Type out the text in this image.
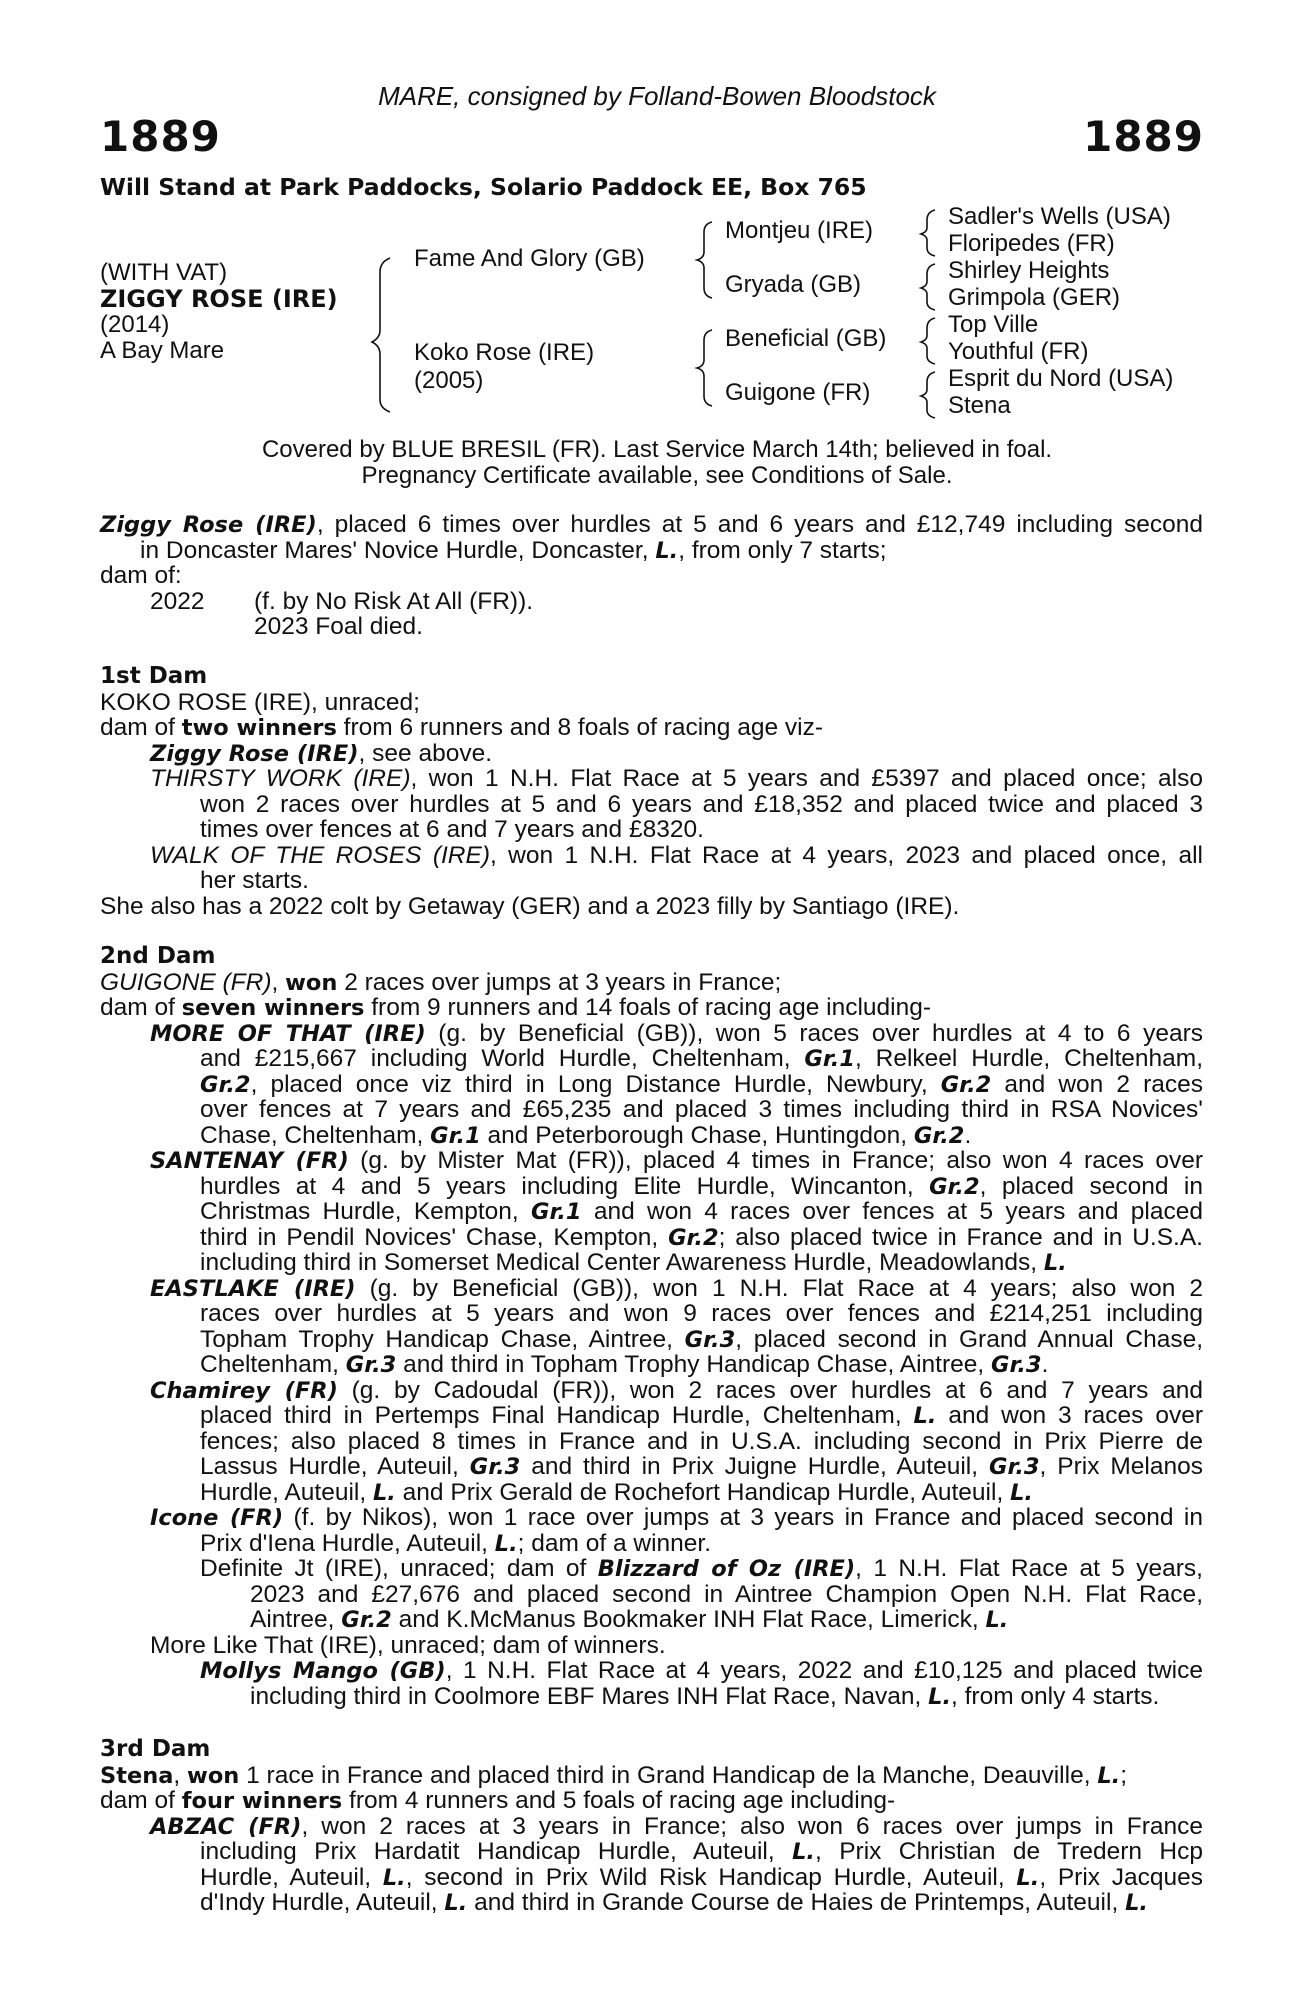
MARE, consigned by Folland-Bowen Bloodstock
1889	1889
Will Stand at Park Paddocks, Solario Paddock EE, Box 765
(WITH VAT)
ZIGGY ROSE (IRE)
(2014)
A Bay Mare
Fame And Glory (GB)
Koko Rose (IRE)
(2005)
Montjeu (IRE)
Gryada (GB)
Beneficial (GB)
Guigone (FR)
Sadler's Wells (USA)
Floripedes (FR)
Shirley Heights
Grimpola (GER)
Top Ville
Youthful (FR)
Esprit du Nord (USA)
Stena
Covered by BLUE BRESIL (FR). Last Service March 14th; believed in foal.
Pregnancy Certificate available, see Conditions of Sale.
Ziggy Rose (IRE), placed 6 times over hurdles at 5 and 6 years and £12,749 including second
in Doncaster Mares' Novice Hurdle, Doncaster, L., from only 7 starts;
dam of:
2022 (f. by No Risk At All (FR)).
2023 Foal died.
1st Dam
KOKO ROSE (IRE), unraced;
dam of two winners from 6 runners and 8 foals of racing age viz-
Ziggy Rose (IRE), see above.
THIRSTY WORK (IRE), won 1 N.H. Flat Race at 5 years and £5397 and placed once; also
won 2 races over hurdles at 5 and 6 years and £18,352 and placed twice and placed 3
times over fences at 6 and 7 years and £8320.
WALK OF THE ROSES (IRE), won 1 N.H. Flat Race at 4 years, 2023 and placed once, all
her starts.
She also has a 2022 colt by Getaway (GER) and a 2023 filly by Santiago (IRE).
2nd Dam
GUIGONE (FR), won 2 races over jumps at 3 years in France;
dam of seven winners from 9 runners and 14 foals of racing age including-
MORE OF THAT (IRE) (g. by Beneficial (GB)), won 5 races over hurdles at 4 to 6 years
and £215,667 including World Hurdle, Cheltenham, Gr.1, Relkeel Hurdle, Cheltenham,
Gr.2, placed once viz third in Long Distance Hurdle, Newbury, Gr.2 and won 2 races
over fences at 7 years and £65,235 and placed 3 times including third in RSA Novices'
Chase, Cheltenham, Gr.1 and Peterborough Chase, Huntingdon, Gr.2.
SANTENAY (FR) (g. by Mister Mat (FR)), placed 4 times in France; also won 4 races over
hurdles at 4 and 5 years including Elite Hurdle, Wincanton, Gr.2, placed second in
Christmas Hurdle, Kempton, Gr.1 and won 4 races over fences at 5 years and placed
third in Pendil Novices' Chase, Kempton, Gr.2; also placed twice in France and in U.S.A.
including third in Somerset Medical Center Awareness Hurdle, Meadowlands, L.
EASTLAKE (IRE) (g. by Beneficial (GB)), won 1 N.H. Flat Race at 4 years; also won 2
races over hurdles at 5 years and won 9 races over fences and £214,251 including
Topham Trophy Handicap Chase, Aintree, Gr.3, placed second in Grand Annual Chase,
Cheltenham, Gr.3 and third in Topham Trophy Handicap Chase, Aintree, Gr.3.
Chamirey (FR) (g. by Cadoudal (FR)), won 2 races over hurdles at 6 and 7 years and
placed third in Pertemps Final Handicap Hurdle, Cheltenham, L. and won 3 races over
fences; also placed 8 times in France and in U.S.A. including second in Prix Pierre de
Lassus Hurdle, Auteuil, Gr.3 and third in Prix Juigne Hurdle, Auteuil, Gr.3, Prix Melanos
Hurdle, Auteuil, L. and Prix Gerald de Rochefort Handicap Hurdle, Auteuil, L.
Icone (FR) (f. by Nikos), won 1 race over jumps at 3 years in France and placed second in
Prix d'Iena Hurdle, Auteuil, L.; dam of a winner.
Definite Jt (IRE), unraced; dam of Blizzard of Oz (IRE), 1 N.H. Flat Race at 5 years,
2023 and £27,676 and placed second in Aintree Champion Open N.H. Flat Race,
Aintree, Gr.2 and K.McManus Bookmaker INH Flat Race, Limerick, L.
More Like That (IRE), unraced; dam of winners.
Mollys Mango (GB), 1 N.H. Flat Race at 4 years, 2022 and £10,125 and placed twice
including third in Coolmore EBF Mares INH Flat Race, Navan, L., from only 4 starts.
3rd Dam
Stena, won 1 race in France and placed third in Grand Handicap de la Manche, Deauville, L.;
dam of four winners from 4 runners and 5 foals of racing age including-
ABZAC (FR), won 2 races at 3 years in France; also won 6 races over jumps in France
including Prix Hardatit Handicap Hurdle, Auteuil, L., Prix Christian de Tredern Hcp
Hurdle, Auteuil, L., second in Prix Wild Risk Handicap Hurdle, Auteuil, L., Prix Jacques
d'Indy Hurdle, Auteuil, L. and third in Grande Course de Haies de Printemps, Auteuil, L.
